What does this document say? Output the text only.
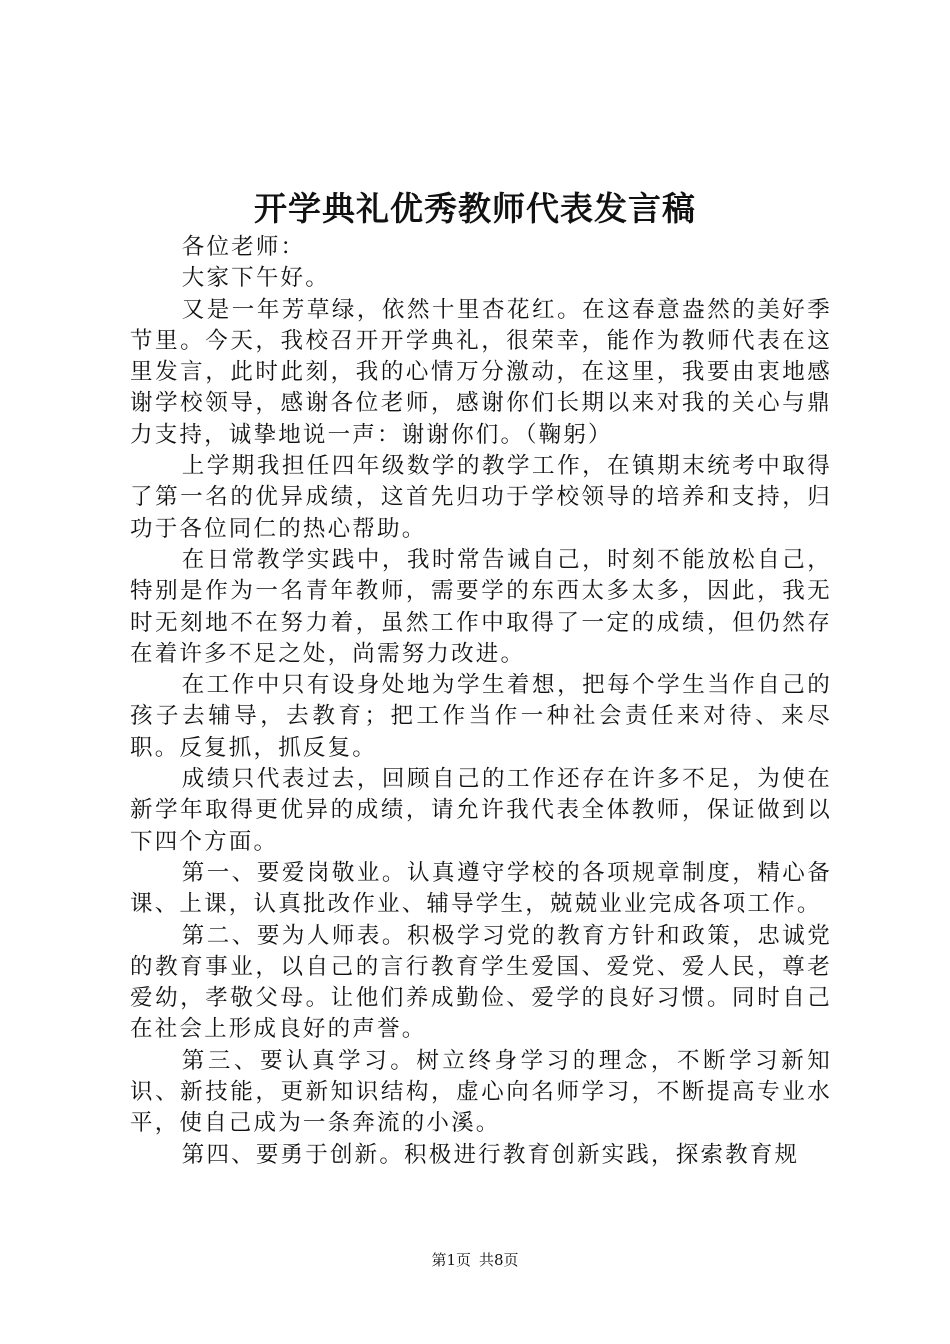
开学典礼优秀教师代表发言稿

各位老师：

大家下午好。

又是一年芳草绿，依然十里杏花红。在这春意盎然的美好季节里。今天，我校召开开学典礼，很荣幸，能作为教师代表在这里发言，此时此刻，我的心情万分激动，在这里，我要由衷地感谢学校领导，感谢各位老师，感谢你们长期以来对我的关心与鼎力支持，诚挚地说一声：谢谢你们。（鞠躬）

上学期我担任四年级数学的教学工作，在镇期末统考中取得了第一名的优异成绩，这首先归功于学校领导的培养和支持，归功于各位同仁的热心帮助。

在日常教学实践中，我时常告诫自己，时刻不能放松自己，特别是作为一名青年教师，需要学的东西太多太多，因此，我无时无刻地不在努力着，虽然工作中取得了一定的成绩，但仍然存在着许多不足之处，尚需努力改进。

在工作中只有设身处地为学生着想，把每个学生当作自己的孩子去辅导，去教育；把工作当作一种社会责任来对待、来尽职。反复抓，抓反复。

成绩只代表过去，回顾自己的工作还存在许多不足，为使在新学年取得更优异的成绩，请允许我代表全体教师，保证做到以下四个方面。

第一、要爱岗敬业。认真遵守学校的各项规章制度，精心备课、上课，认真批改作业、辅导学生，兢兢业业完成各项工作。

第二、要为人师表。积极学习党的教育方针和政策，忠诚党的教育事业，以自己的言行教育学生爱国、爱党、爱人民，尊老爱幼，孝敬父母。让他们养成勤俭、爱学的良好习惯。同时自己在社会上形成良好的声誉。

第三、要认真学习。树立终身学习的理念，不断学习新知识、新技能，更新知识结构，虚心向名师学习，不断提高专业水平，使自己成为一条奔流的小溪。

第四、要勇于创新。积极进行教育创新实践，探索教育规

第1页 共8页
